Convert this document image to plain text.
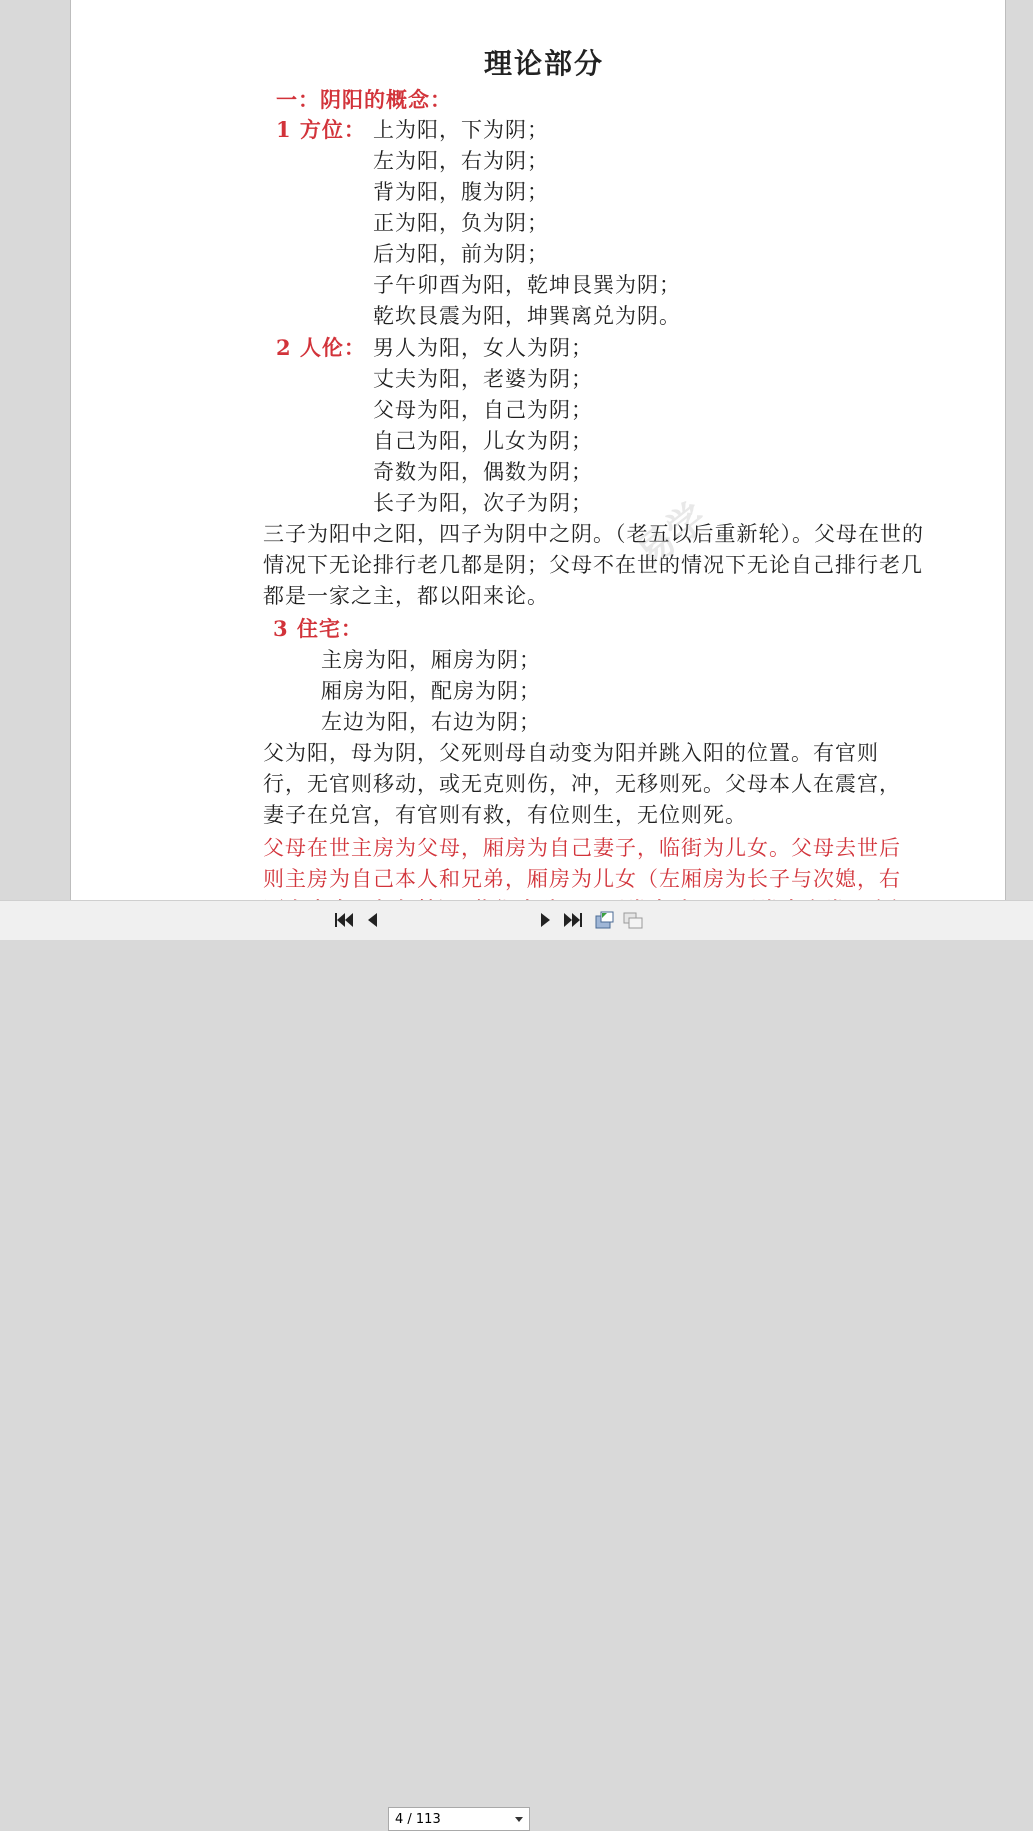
理论部分
一：阴阳的概念：
1 方位： 上为阳，下为阴；
左为阳，右为阴；
背为阳，腹为阴；
正为阳，负为阴；
后为阳，前为阴；
子午卯酉为阳，乾坤艮巽为阴；
乾坎艮震为阳，坤巽离兑为阴。
2 人伦： 男人为阳，女人为阴；
丈夫为阳，老婆为阴；
父母为阳，自己为阴；
自己为阳，儿女为阴；
奇数为阳，偶数为阴；
长子为阳，次子为阴；
三子为阳中之阳，四子为阴中之阴。（老五以后重新轮）。父母在世的
情况下无论排行老几都是阴；父母不在世的情况下无论自己排行老几
都是一家之主，都以阳来论。
3 住宅：
主房为阳，厢房为阴；
厢房为阳，配房为阴；
左边为阳，右边为阴；
父为阳，母为阴，父死则母自动变为阳并跳入阳的位置。有官则
行，无官则移动，或无克则伤，冲，无移则死。父母本人在震宫，
妻子在兑宫，有官则有救，有位则生，无位则死。
父母在世主房为父母，厢房为自己妻子，临街为儿女。父母去世后
则主房为自己本人和兄弟，厢房为儿女（左厢房为长子与次媳，右
易学
4 / 113
